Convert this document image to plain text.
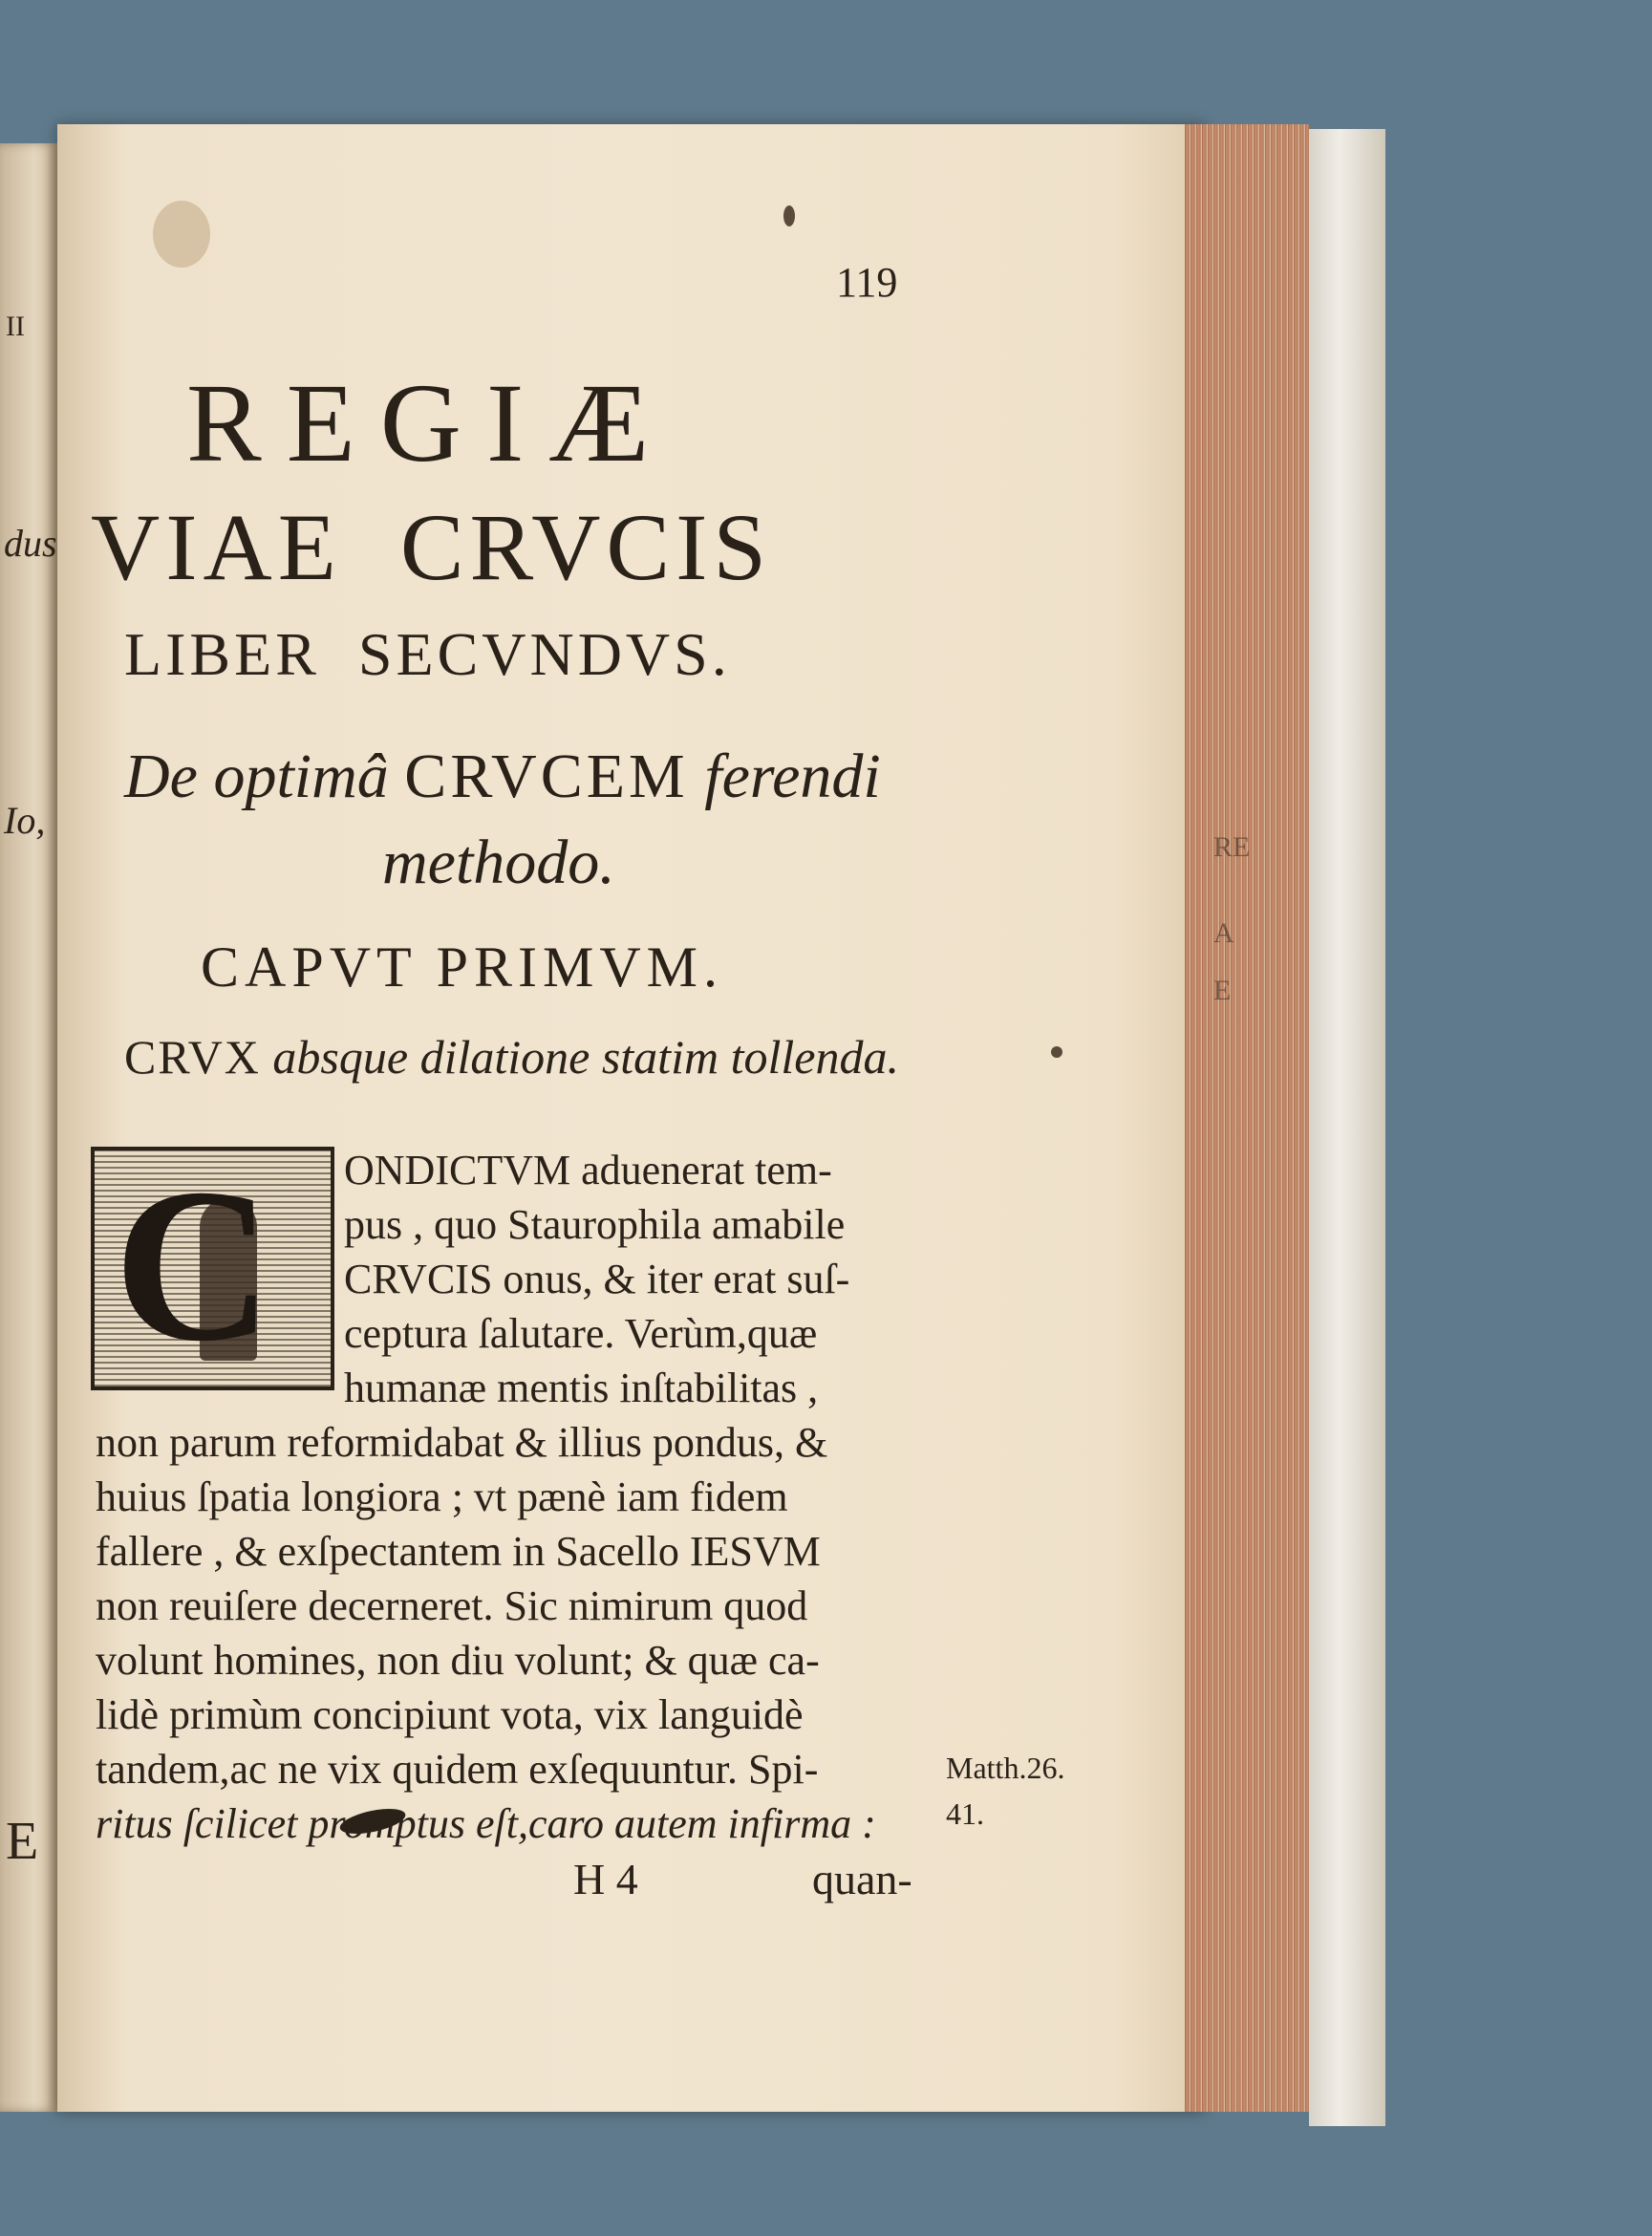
II
dus
Io,
E
RE
A
E
119
REGIÆ
VIAE CRVCIS
LIBER SECVNDVS.
De optimâ CRVCEM ferendi
methodo.
CAPVT PRIMVM.
CRVX absque dilatione statim tollenda.
C ONDICTVM aduenerat tem-
pus , quo Staurophila amabile
CRVCIS onus, & iter erat suſ-
ceptura ſalutare. Verùm,quæ
humanæ mentis inſtabilitas ,
non parum reformidabat & illius pondus, &
huius ſpatia longiora ; vt pænè iam fidem
fallere , & exſpectantem in Sacello IESVM
non reuiſere decerneret. Sic nimirum quod
volunt homines, non diu volunt; & quæ ca-
lidè primùm concipiunt vota, vix languidè
tandem,ac ne vix quidem exſequuntur. Spi-
ritus ſcilicet promptus eſt,caro autem infirma :
Matth.26.
41.
H 4	quan-
